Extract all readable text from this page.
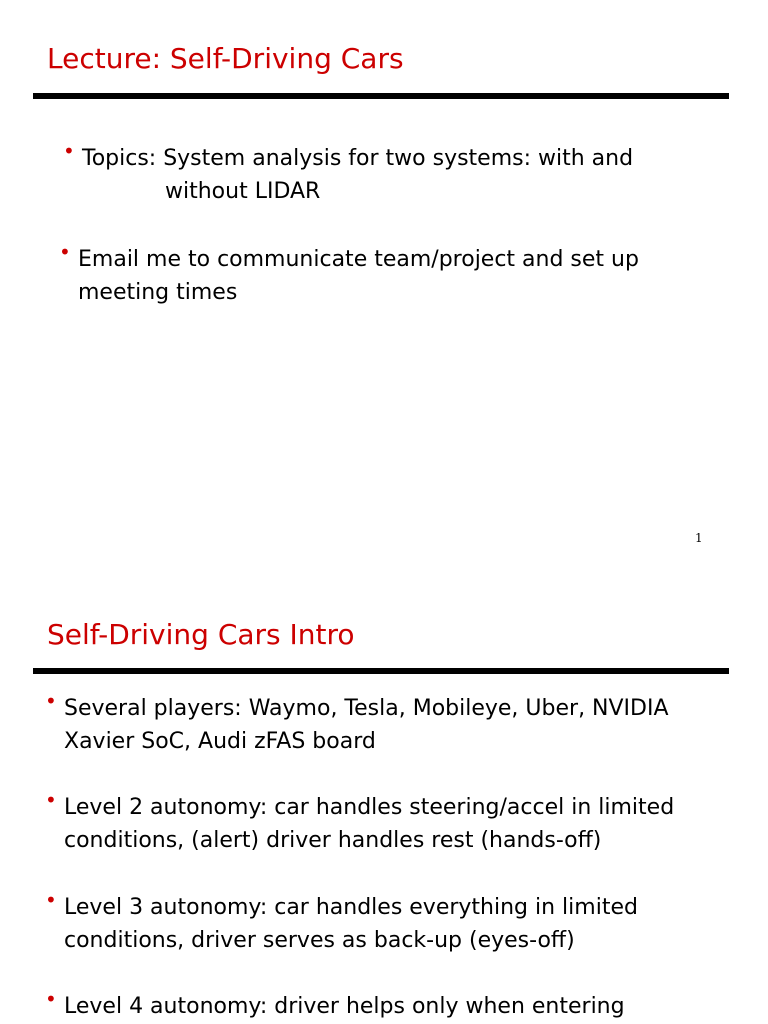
Lecture: Self-Driving Cars
• Topics: System analysis for two systems: with and
without LIDAR
• Email me to communicate team/project and set up
meeting times
1
Self-Driving Cars Intro
• Several players: Waymo, Tesla, Mobileye, Uber, NVIDIA
Xavier SoC, Audi zFAS board
• Level 2 autonomy: car handles steering/accel in limited
conditions, (alert) driver handles rest (hands-off)
• Level 3 autonomy: car handles everything in limited
conditions, driver serves as back-up (eyes-off)
• Level 4 autonomy: driver helps only when entering
